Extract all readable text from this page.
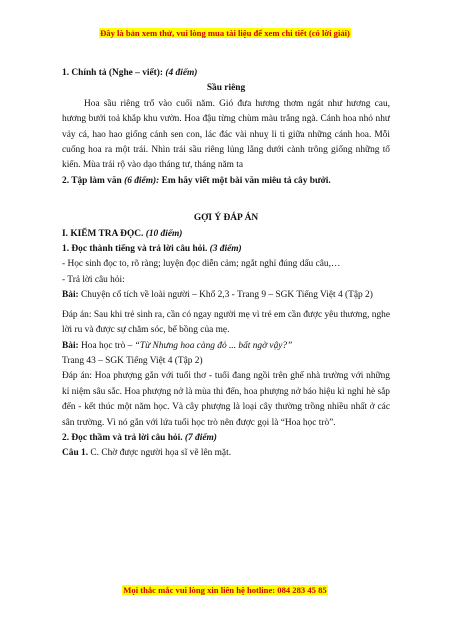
Đây là bản xem thử, vui lòng mua tài liệu để xem chi tiết (có lời giải)

1. Chính tả (Nghe – viết): (4 điểm)

Sầu riêng

Hoa sầu riêng trổ vào cuối năm. Gió đưa hương thơm ngát như hương cau, hương bưởi toả khắp khu vườn. Hoa đậu từng chùm màu trắng ngà. Cánh hoa nhỏ như vảy cá, hao hao giống cánh sen con, lác đác vài nhuỵ li ti giữa những cánh hoa. Mỗi cuống hoa ra một trái. Nhìn trái sầu riêng lủng lẳng dưới cành trông giống những tổ kiến. Mùa trái rộ vào dạo tháng tư, tháng năm ta

2. Tập làm văn (6 điểm): Em hãy viết một bài văn miêu tả cây bưởi.

GỢI Ý ĐÁP ÁN

I. KIỂM TRA ĐỌC. (10 điểm)

1. Đọc thành tiếng và trả lời câu hỏi. (3 điểm)

- Học sinh đọc to, rõ ràng; luyện đọc diễn cảm; ngắt nghỉ đúng dấu câu,…

- Trả lời câu hỏi:

Bài: Chuyện cổ tích về loài người – Khổ 2,3 - Trang 9 – SGK Tiếng Việt 4 (Tập 2)

Đáp án: Sau khi trẻ sinh ra, cần có ngay người mẹ vì trẻ em cần được yêu thương, nghe lời ru và được sự chăm sóc, bế bồng của mẹ.

Bài: Hoa học trò – “Từ Nhưng hoa càng đỏ ... bất ngờ vậy?”

Trang 43 – SGK Tiếng Việt 4 (Tập 2)

Đáp án: Hoa phượng gắn với tuổi thơ - tuổi đang ngồi trên ghế nhà trường với những kỉ niệm sâu sắc. Hoa phượng nở là mùa thi đến, hoa phượng nở báo hiệu kì nghỉ hè sắp đến - kết thúc một năm học. Và cây phượng là loại cây thường trồng nhiều nhất ở các sân trường. Vì nó gắn với lứa tuổi học trò nên được gọi là “Hoa học trò”.

2. Đọc thầm và trả lời câu hỏi. (7 điểm)

Câu 1. C. Chờ được người họa sĩ vẽ lên mặt.

Mọi thắc mắc vui lòng xin liên hệ hotline: 084 283 45 85
